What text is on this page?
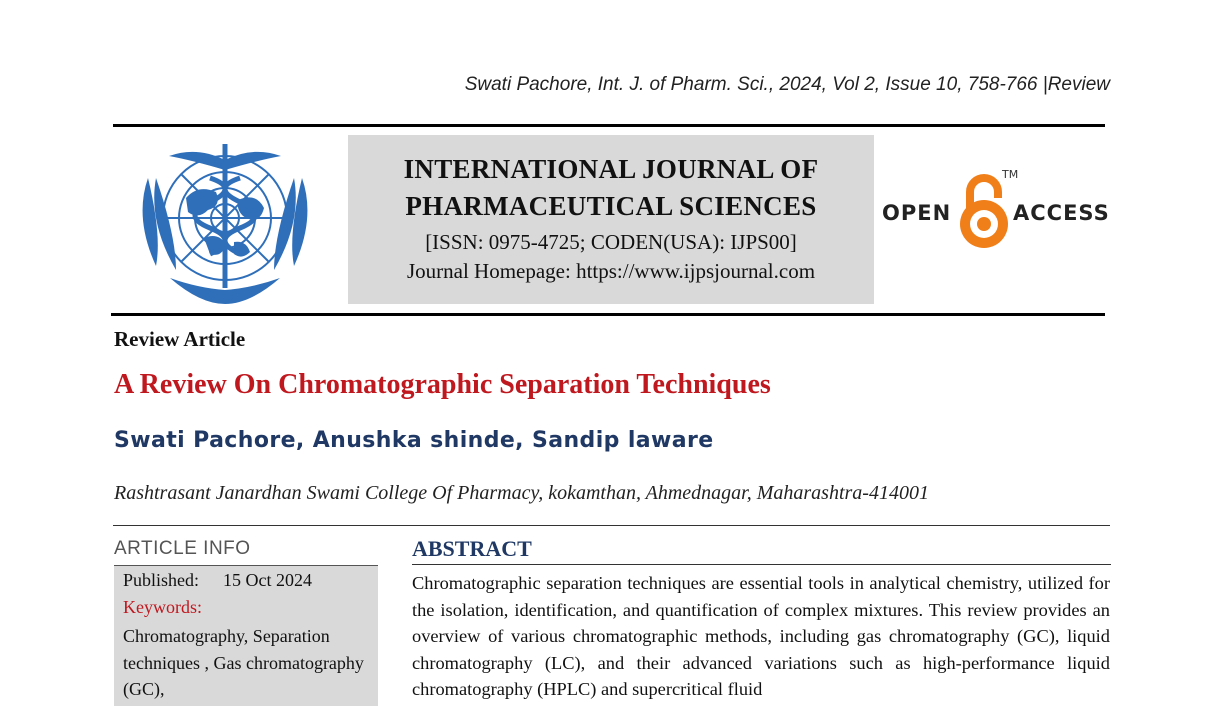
Swati Pachore, Int. J. of Pharm. Sci., 2024, Vol 2, Issue 10, 758-766 |Review
INTERNATIONAL JOURNAL OF
PHARMACEUTICAL SCIENCES
[ISSN: 0975-4725; CODEN(USA): IJPS00]
Journal Homepage: https://www.ijpsjournal.com
OPEN
TM
ACCESS
Review Article
A Review On Chromatographic Separation Techniques
Swati Pachore, Anushka shinde, Sandip laware
Rashtrasant Janardhan Swami College Of Pharmacy, kokamthan, Ahmednagar, Maharashtra-414001
ARTICLE INFO
Published: 15 Oct 2024
Keywords:
Chromatography, Separation techniques , Gas chromatography (GC),
ABSTRACT
Chromatographic separation techniques are essential tools in analytical chemistry, utilized for the isolation, identification, and quantification of complex mixtures. This review provides an overview of various chromatographic methods, including gas chromatography (GC), liquid chromatography (LC), and their advanced variations such as high-performance liquid chromatography (HPLC) and supercritical fluid
